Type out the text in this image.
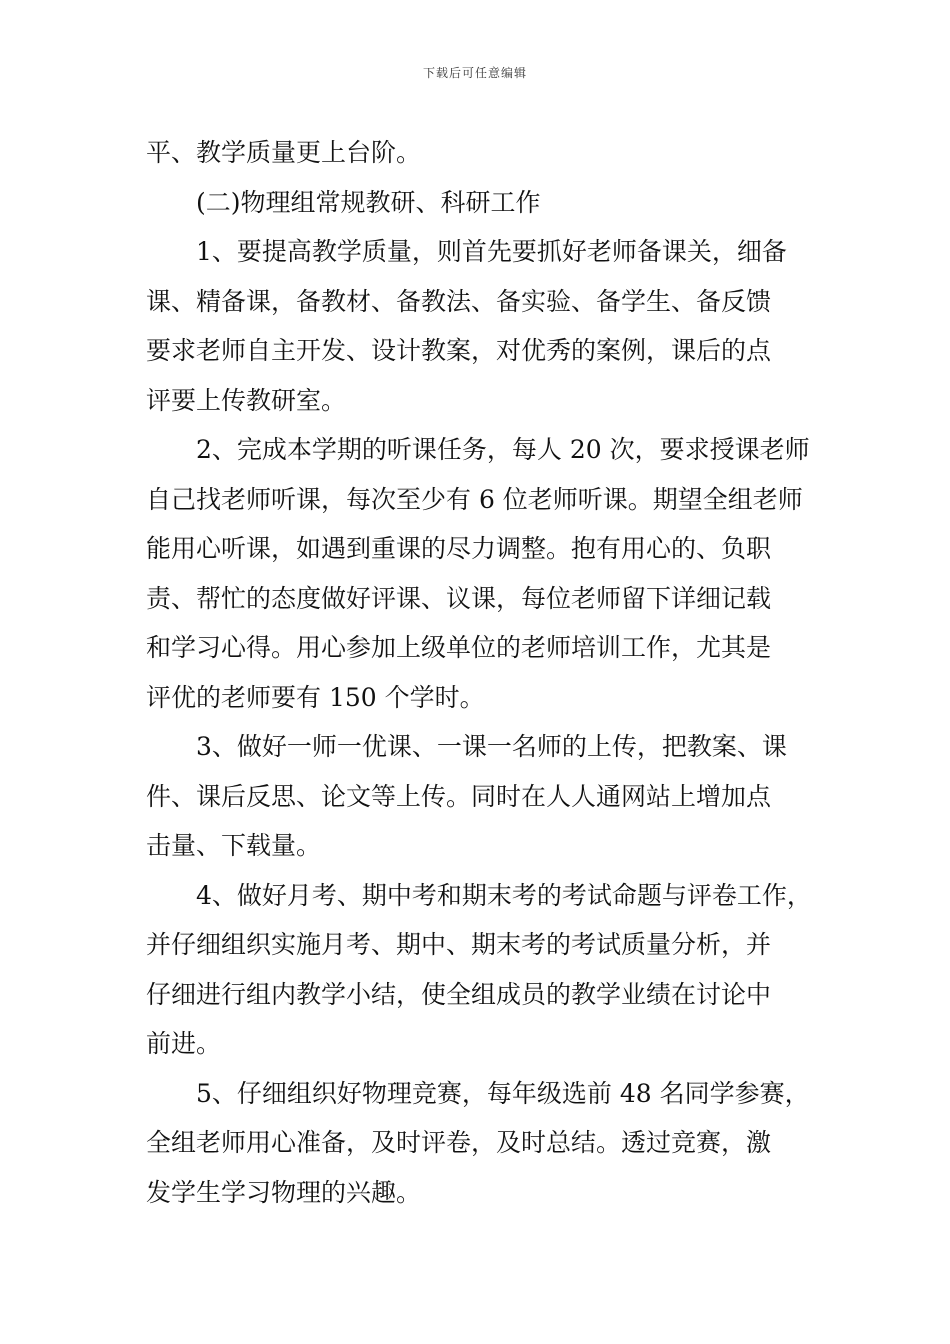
下载后可任意编辑
平、教学质量更上台阶。
(二)物理组常规教研、科研工作
1、要提高教学质量，则首先要抓好老师备课关，细备
课、精备课，备教材、备教法、备实验、备学生、备反馈
要求老师自主开发、设计教案，对优秀的案例，课后的点
评要上传教研室。
2、完成本学期的听课任务，每人 20 次，要求授课老师
自己找老师听课，每次至少有 6 位老师听课。期望全组老师
能用心听课，如遇到重课的尽力调整。抱有用心的、负职
责、帮忙的态度做好评课、议课，每位老师留下详细记载
和学习心得。用心参加上级单位的老师培训工作，尤其是
评优的老师要有 150 个学时。
3、做好一师一优课、一课一名师的上传，把教案、课
件、课后反思、论文等上传。同时在人人通网站上增加点
击量、下载量。
4、做好月考、期中考和期末考的考试命题与评卷工作，
并仔细组织实施月考、期中、期末考的考试质量分析，并
仔细进行组内教学小结，使全组成员的教学业绩在讨论中
前进。
5、仔细组织好物理竞赛，每年级选前 48 名同学参赛，
全组老师用心准备，及时评卷，及时总结。透过竞赛，激
发学生学习物理的兴趣。
